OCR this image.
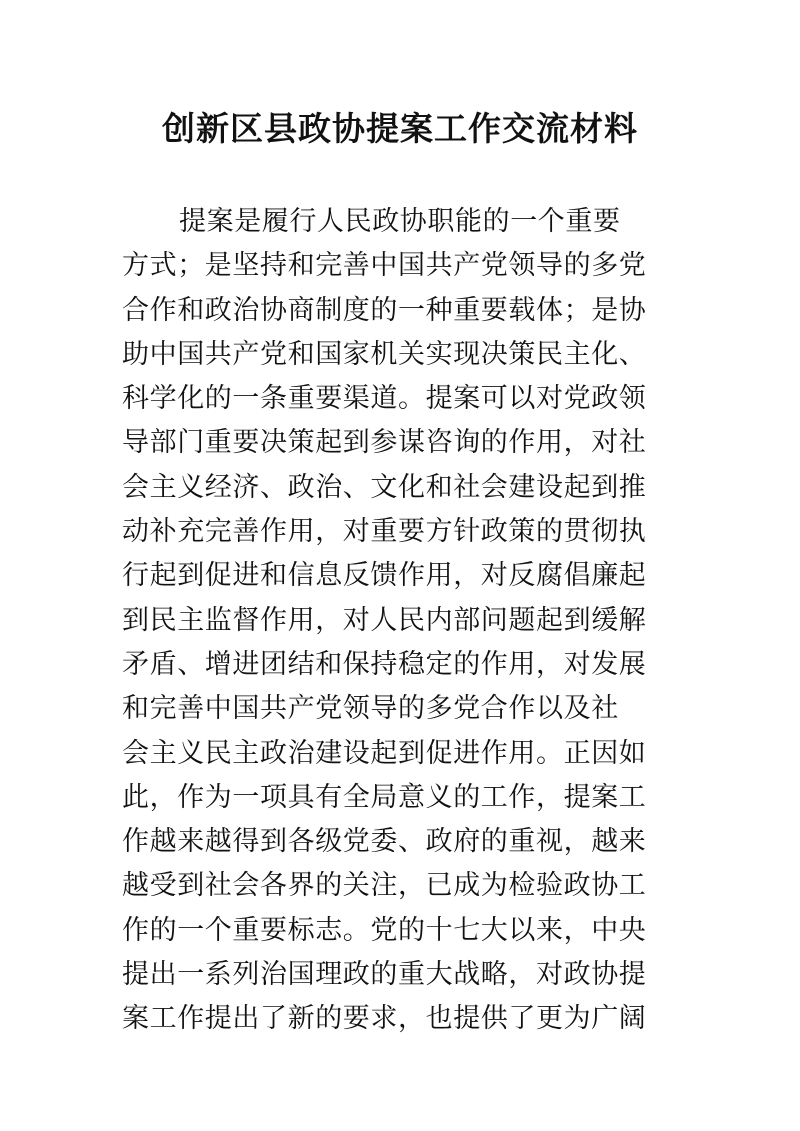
创新区县政协提案工作交流材料
提案是履行人民政协职能的一个重要
方式；是坚持和完善中国共产党领导的多党
合作和政治协商制度的一种重要载体；是协
助中国共产党和国家机关实现决策民主化、
科学化的一条重要渠道。提案可以对党政领
导部门重要决策起到参谋咨询的作用，对社
会主义经济、政治、文化和社会建设起到推
动补充完善作用，对重要方针政策的贯彻执
行起到促进和信息反馈作用，对反腐倡廉起
到民主监督作用，对人民内部问题起到缓解
矛盾、增进团结和保持稳定的作用，对发展
和完善中国共产党领导的多党合作以及社
会主义民主政治建设起到促进作用。正因如
此，作为一项具有全局意义的工作，提案工
作越来越得到各级党委、政府的重视，越来
越受到社会各界的关注，已成为检验政协工
作的一个重要标志。党的十七大以来，中央
提出一系列治国理政的重大战略，对政协提
案工作提出了新的要求，也提供了更为广阔
